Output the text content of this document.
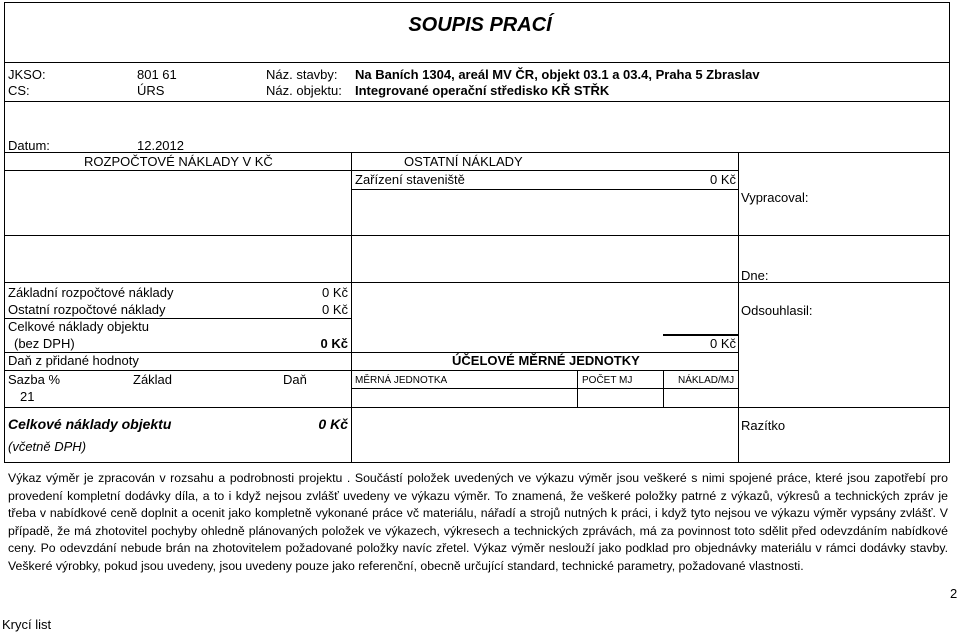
SOUPIS PRACÍ
JKSO:	801 61
CS:	ÚRS
Náz. stavby: Na Baních 1304, areál MV ČR, objekt 03.1 a 03.4, Praha 5 Zbraslav
Náz. objektu: Integrované operační středisko KŘ STŘK
Datum:	12.2012
ROZPOČTOVÉ NÁKLADY V KČ	OSTATNÍ NÁKLADY
Zařízení staveniště	0 Kč
Vypracoval:
Dne:
Odsouhlasil:
Razítko
Základní rozpočtové náklady	0 Kč
Ostatní rozpočtové náklady	0 Kč
Celkové náklady objektu
(bez DPH)	0 Kč	0 Kč
Daň z přidané hodnoty	ÚČELOVÉ MĚRNÉ JEDNOTKY
Sazba %	Základ	Daň
21
MĚRNÁ JEDNOTKA	POČET MJ	NÁKLAD/MJ
Celkové náklady objektu	0 Kč
(včetně DPH)
Výkaz výměr je zpracován v rozsahu a podrobnosti projektu . Součástí položek uvedených ve výkazu výměr jsou veškeré s nimi spojené práce, které jsou zapotřebí pro provedení kompletní dodávky díla, a to i když nejsou zvlášť uvedeny ve výkazu výměr. To znamená, že veškeré položky patrné z výkazů, výkresů a technických zpráv je třeba v nabídkové ceně doplnit a ocenit jako kompletně vykonané práce vč materiálu, nářadí a strojů nutných k práci, i když tyto nejsou ve výkazu výměr vypsány zvlášť. V případě, že má zhotovitel pochyby ohledně plánovaných položek ve výkazech, výkresech a technických zprávách, má za povinnost toto sdělit před odevzdáním nabídkové ceny. Po odevzdání nebude brán na zhotovitelem požadované položky navíc zřetel. Výkaz výměr neslouží jako podklad pro objednávky materiálu v rámci dodávky stavby. Veškeré výrobky, pokud jsou uvedeny, jsou uvedeny pouze jako referenční, obecně určující standard, technické parametry, požadované vlastnosti.
2
Krycí list
